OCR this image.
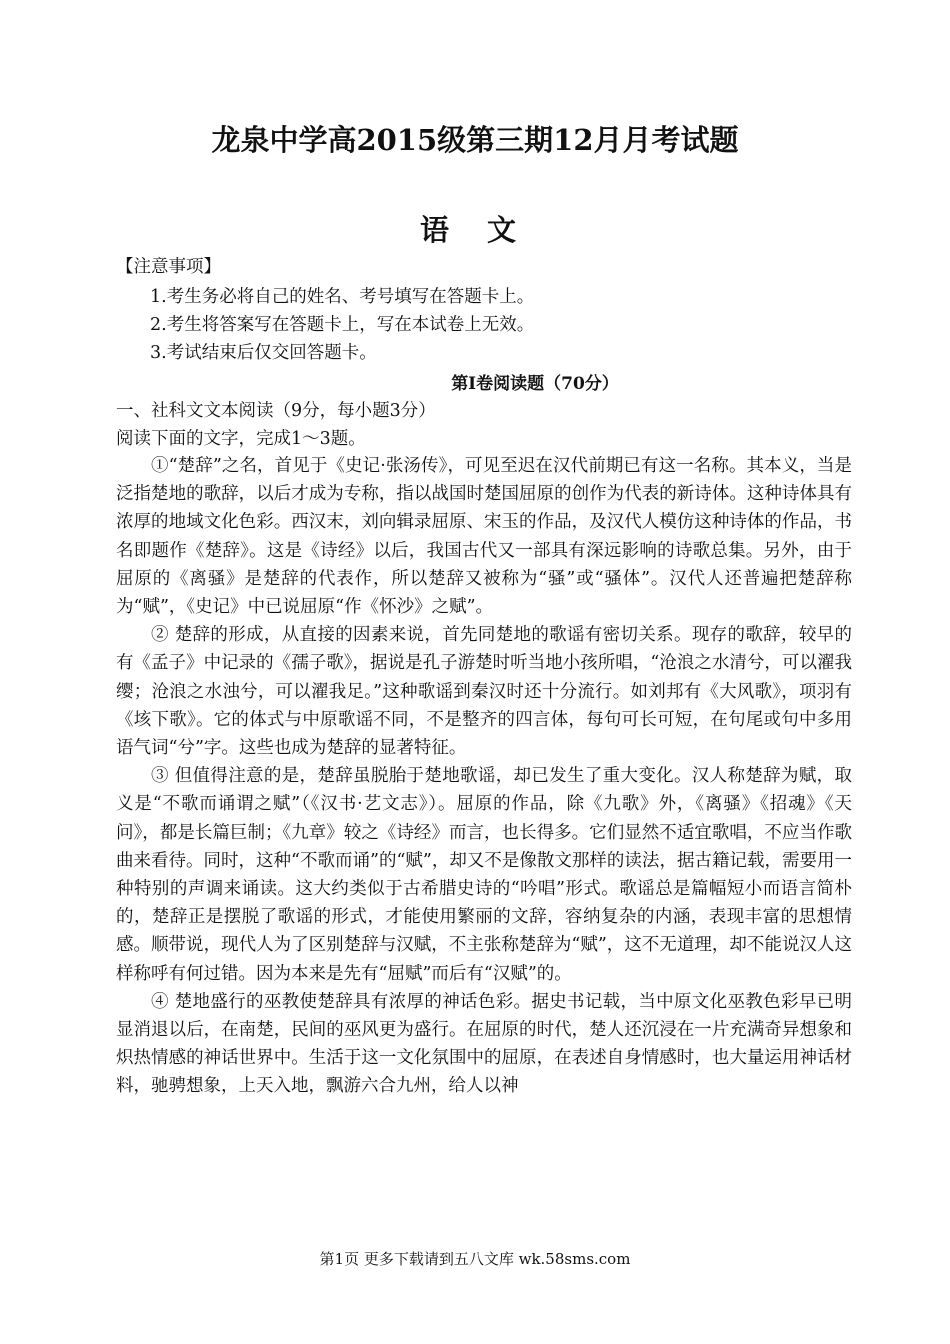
龙泉中学高2015级第三期12月月考试题
语 文
【注意事项】
1.考生务必将自己的姓名、考号填写在答题卡上。
2.考生将答案写在答题卡上，写在本试卷上无效。
3.考试结束后仅交回答题卡。
第Ⅰ卷阅读题（70分）
一、社科文文本阅读（9分，每小题3分）
阅读下面的文字，完成1～3题。

①“楚辞”之名，首见于《史记·张汤传》，可见至迟在汉代前期已有这一名称。其本义，当是泛指楚地的歌辞，以后才成为专称，指以战国时楚国屈原的创作为代表的新诗体。这种诗体具有浓厚的地域文化色彩。西汉末，刘向辑录屈原、宋玉的作品，及汉代人模仿这种诗体的作品，书名即题作《楚辞》。这是《诗经》以后，我国古代又一部具有深远影响的诗歌总集。另外，由于屈原的《离骚》是楚辞的代表作，所以楚辞又被称为“骚”或“骚体”。汉代人还普遍把楚辞称为“赋”，《史记》中已说屈原“作《怀沙》之赋”。

② 楚辞的形成，从直接的因素来说，首先同楚地的歌谣有密切关系。现存的歌辞，较早的有《孟子》中记录的《孺子歌》，据说是孔子游楚时听当地小孩所唱，“沧浪之水清兮，可以濯我缨；沧浪之水浊兮，可以濯我足。”这种歌谣到秦汉时还十分流行。如刘邦有《大风歌》，项羽有《垓下歌》。它的体式与中原歌谣不同，不是整齐的四言体，每句可长可短，在句尾或句中多用语气词“兮”字。这些也成为楚辞的显著特征。

③ 但值得注意的是，楚辞虽脱胎于楚地歌谣，却已发生了重大变化。汉人称楚辞为赋，取义是“不歌而诵谓之赋”（《汉书·艺文志》）。屈原的作品，除《九歌》外，《离骚》《招魂》《天问》，都是长篇巨制；《九章》较之《诗经》而言，也长得多。它们显然不适宜歌唱，不应当作歌曲来看待。同时，这种“不歌而诵”的“赋”，却又不是像散文那样的读法，据古籍记载，需要用一种特别的声调来诵读。这大约类似于古希腊史诗的“吟唱”形式。歌谣总是篇幅短小而语言简朴的，楚辞正是摆脱了歌谣的形式，才能使用繁丽的文辞，容纳复杂的内涵，表现丰富的思想情感。顺带说，现代人为了区别楚辞与汉赋，不主张称楚辞为“赋”，这不无道理，却不能说汉人这样称呼有何过错。因为本来是先有“屈赋”而后有“汉赋”的。

④ 楚地盛行的巫教使楚辞具有浓厚的神话色彩。据史书记载，当中原文化巫教色彩早已明显消退以后，在南楚，民间的巫风更为盛行。在屈原的时代，楚人还沉浸在一片充满奇异想象和炽热情感的神话世界中。生活于这一文化氛围中的屈原，在表述自身情感时，也大量运用神话材料，驰骋想象，上天入地，飘游六合九州，给人以神

第1页 更多下载请到五八文库 wk.58sms.com
